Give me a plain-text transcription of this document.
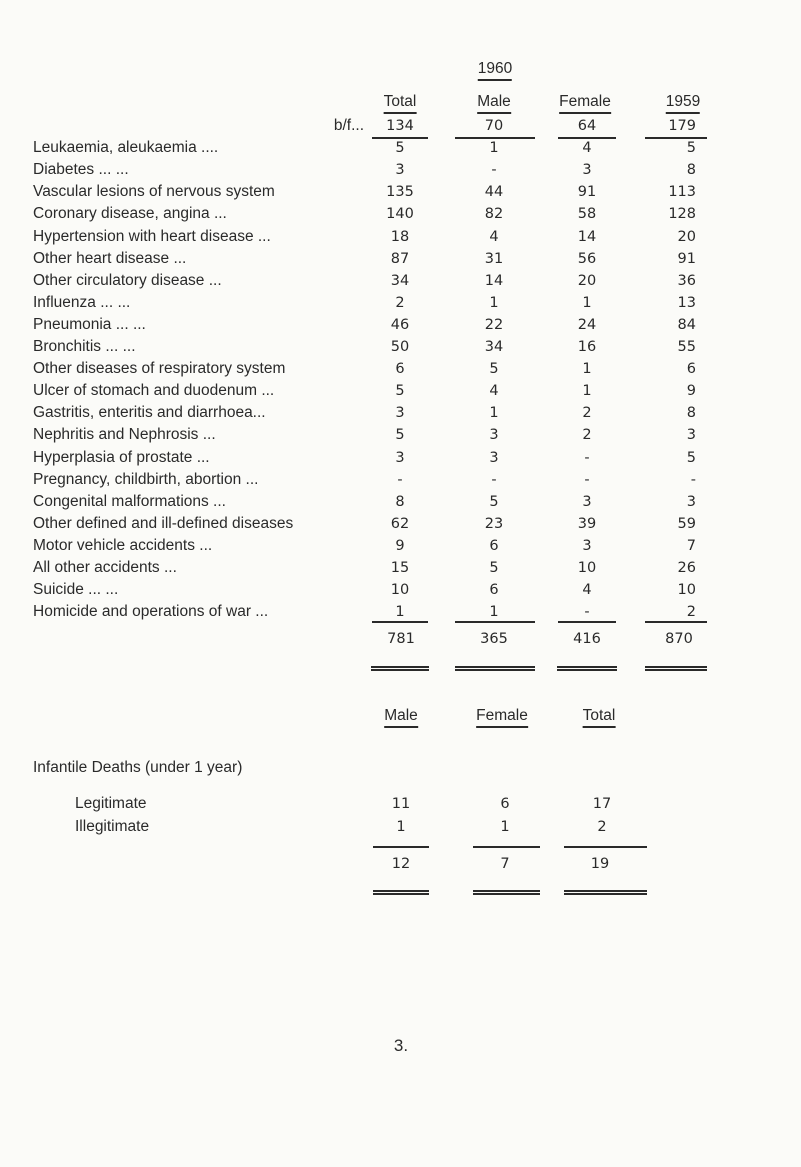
1960
Total	Male	Female	1959
b/f... 134	70	64	179
Leukaemia, aleukaemia ....	5	1	4	5
Diabetes ... ...	3	-	3	8
Vascular lesions of nervous system	135	44	91	113
Coronary disease, angina ...	140	82	58	128
Hypertension with heart disease ...	18	4	14	20
Other heart disease ...	87	31	56	91
Other circulatory disease ...	34	14	20	36
Influenza ... ...	2	1	1	13
Pneumonia ... ...	46	22	24	84
Bronchitis ... ...	50	34	16	55
Other diseases of respiratory system	6	5	1	6
Ulcer of stomach and duodenum ...	5	4	1	9
Gastritis, enteritis and diarrhoea...	3	1	2	8
Nephritis and Nephrosis ...	5	3	2	3
Hyperplasia of prostate ...	3	3	-	5
Pregnancy, childbirth, abortion ...	-	-	-	-
Congenital malformations ...	8	5	3	3
Other defined and ill-defined diseases	62	23	39	59
Motor vehicle accidents ...	9	6	3	7
All other accidents ...	15	5	10	26
Suicide ... ...	10	6	4	10
Homicide and operations of war ...	1	1	-	2
781	365	416	870
Male	Female	Total
Infantile Deaths (under 1 year)
Legitimate	11	6	17
Illegitimate	1	1	2
12	7	19
3.
